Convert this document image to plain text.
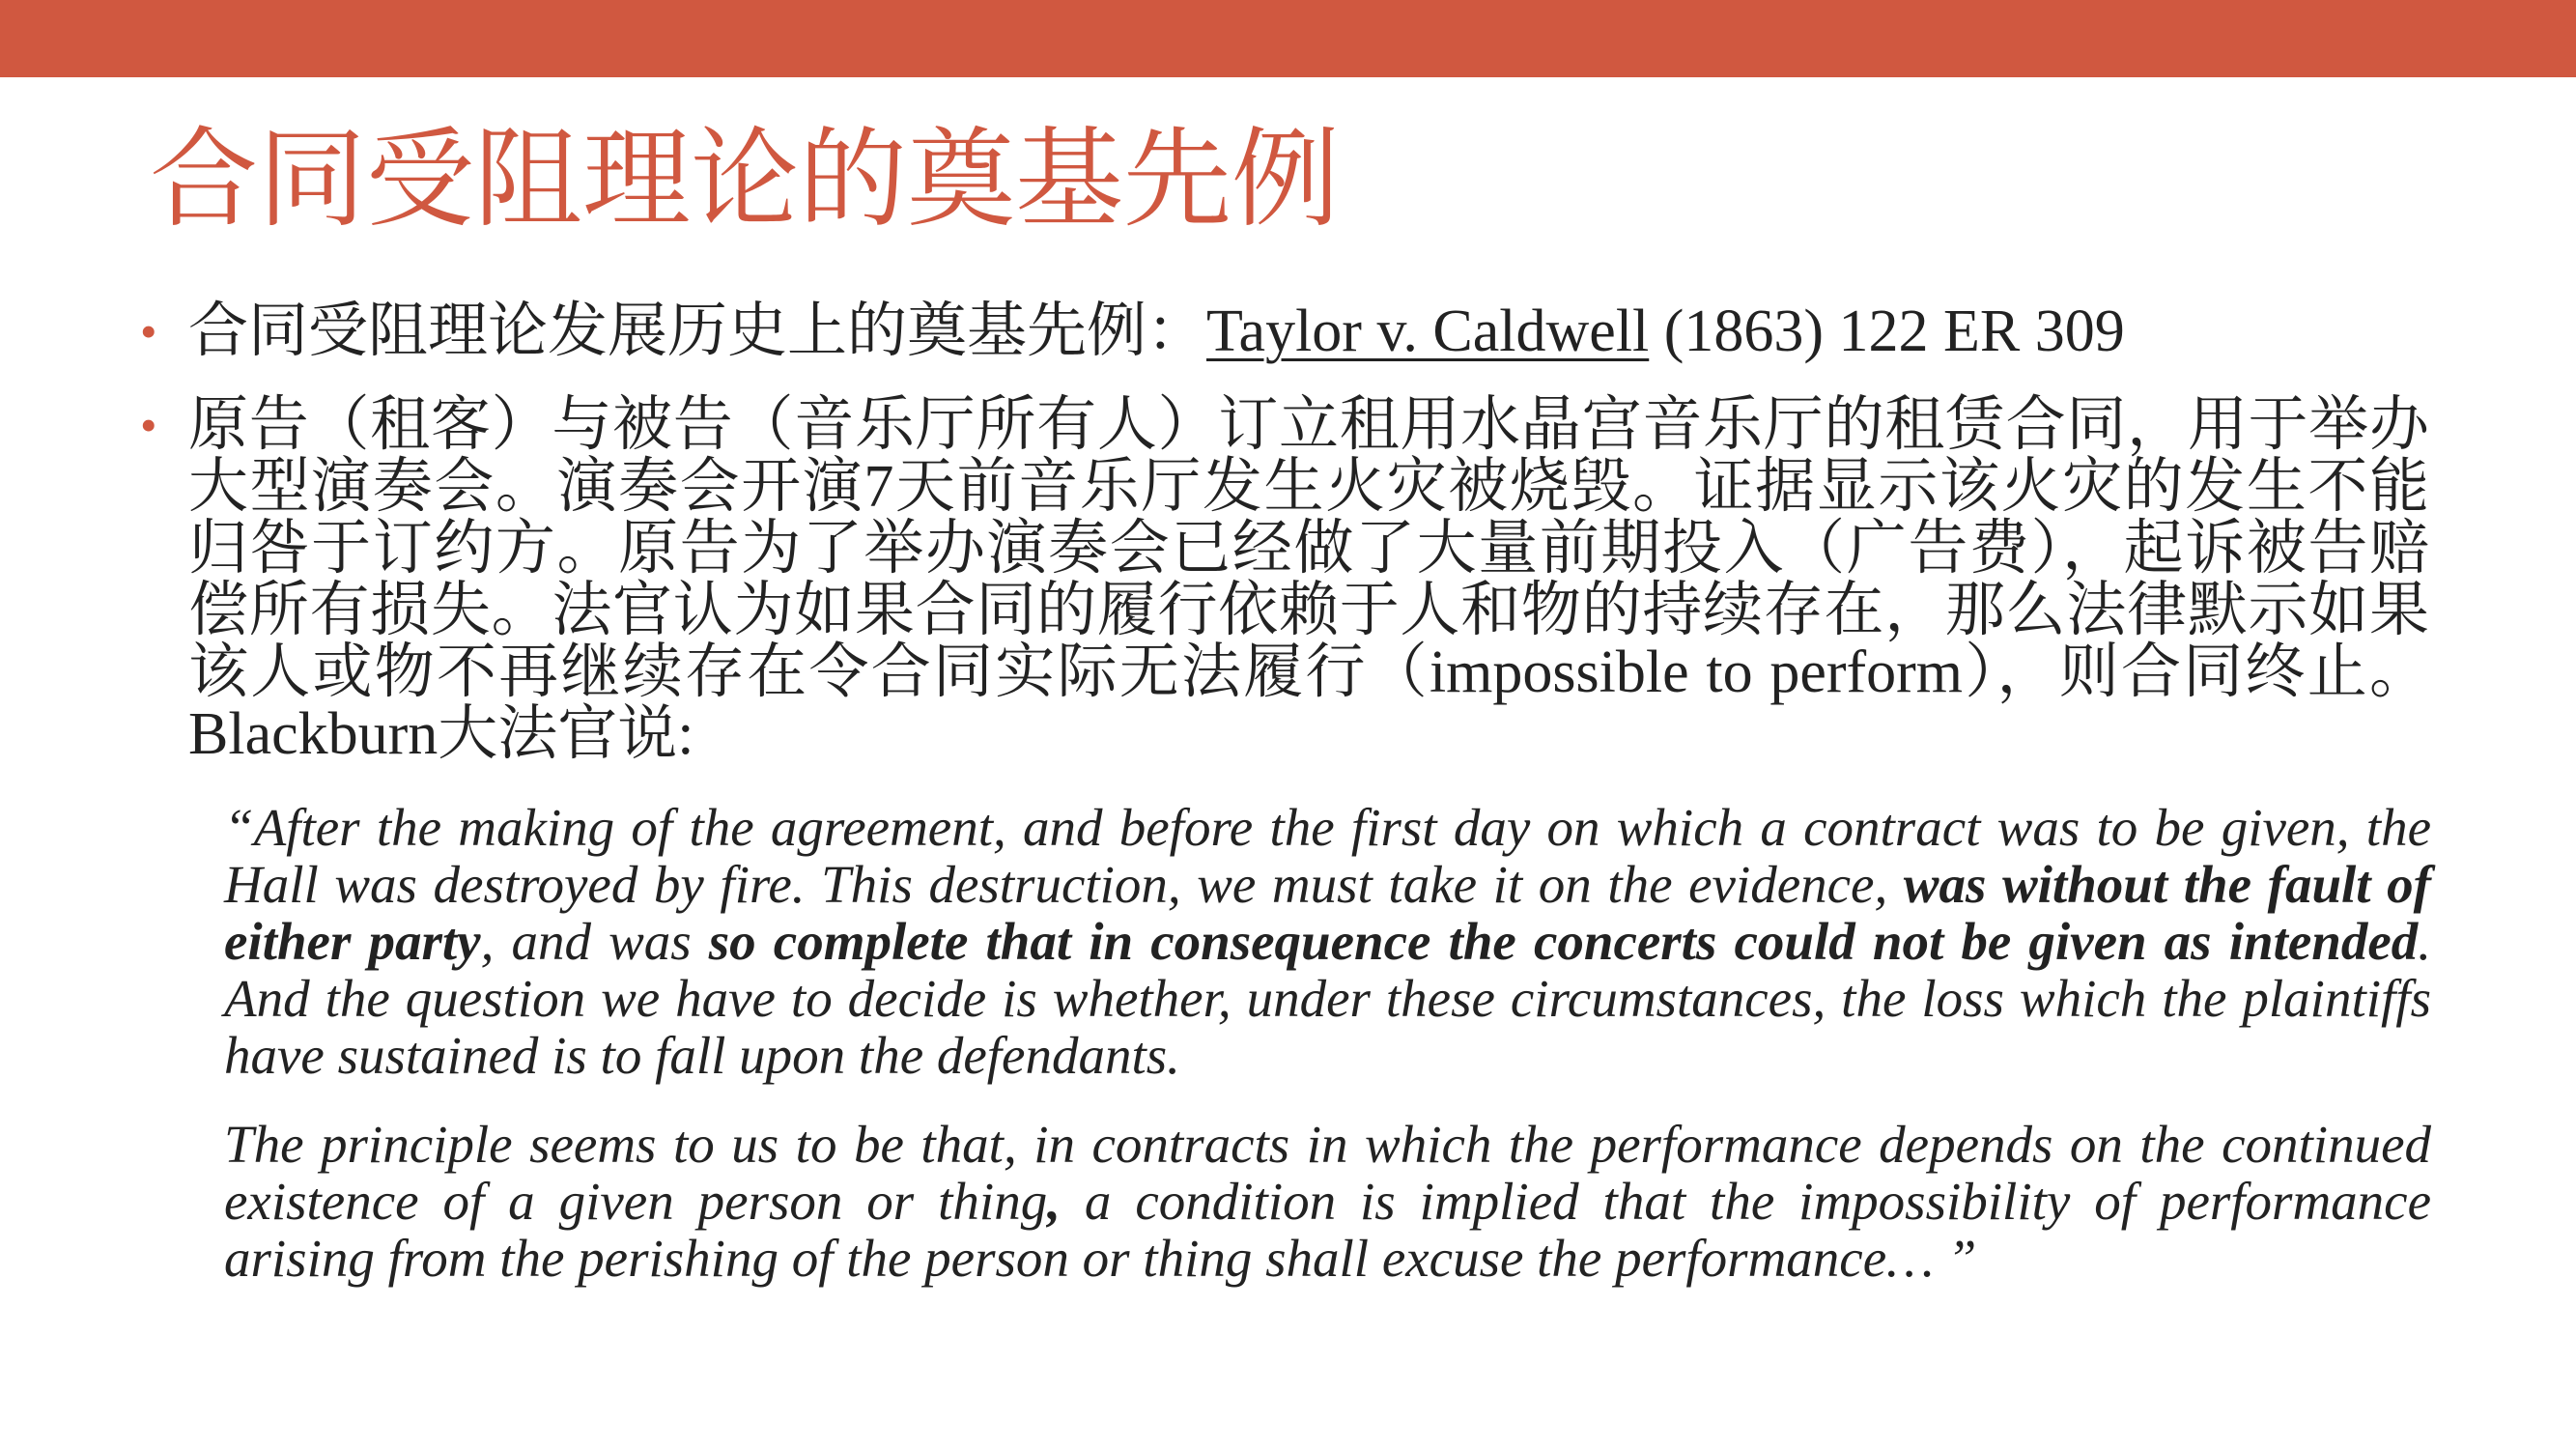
合同受阻理论的奠基先例
• 合同受阻理论发展历史上的奠基先例：Taylor v. Caldwell (1863) 122 ER 309
• 原告（租客）与被告（音乐厅所有人）订立租用水晶宫音乐厅的租赁合同，用于举办大型演奏会。演奏会开演7天前音乐厅发生火灾被烧毁。证据显示该火灾的发生不能归咎于订约方。原告为了举办演奏会已经做了大量前期投入（广告费），起诉被告赔偿所有损失。法官认为如果合同的履行依赖于人和物的持续存在，那么法律默示如果该人或物不再继续存在令合同实际无法履行（impossible to perform），则合同终止。Blackburn大法官说:

“After the making of the agreement, and before the first day on which a contract was to be given, the Hall was destroyed by fire. This destruction, we must take it on the evidence, was without the fault of either party, and was so complete that in consequence the concerts could not be given as intended. And the question we have to decide is whether, under these circumstances, the loss which the plaintiffs have sustained is to fall upon the defendants.

The principle seems to us to be that, in contracts in which the performance depends on the continued existence of a given person or thing, a condition is implied that the impossibility of performance arising from the perishing of the person or thing shall excuse the performance… ”
